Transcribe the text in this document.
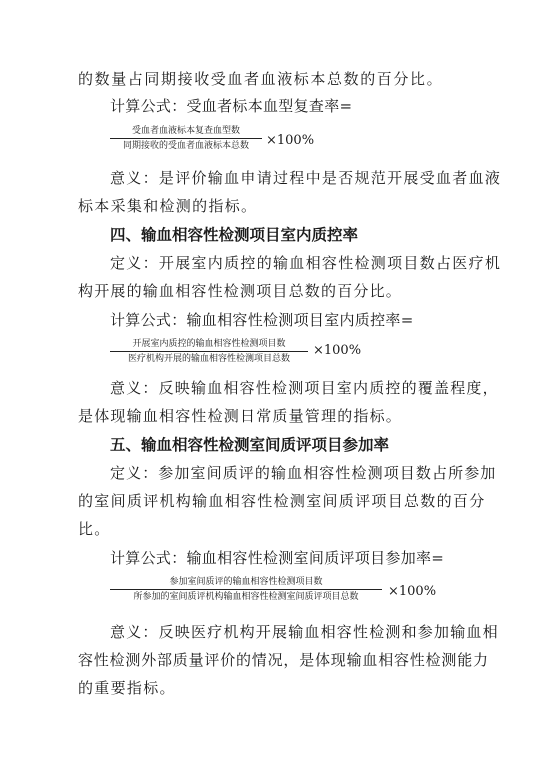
的数量占同期接收受血者血液标本总数的百分比。
计算公式：受血者标本血型复查率=
受血者血液标本复查血型数
同期接收的受血者血液标本总数	×100%
意义：是评价输血申请过程中是否规范开展受血者血液
标本采集和检测的指标。
四、输血相容性检测项目室内质控率
定义：开展室内质控的输血相容性检测项目数占医疗机
构开展的输血相容性检测项目总数的百分比。
计算公式：输血相容性检测项目室内质控率=
开展室内质控的输血相容性检测项目数
医疗机构开展的输血相容性检测项目总数
×100%
意义：反映输血相容性检测项目室内质控的覆盖程度，
是体现输血相容性检测日常质量管理的指标。
五、输血相容性检测室间质评项目参加率
定义：参加室间质评的输血相容性检测项目数占所参加
的室间质评机构输血相容性检测室间质评项目总数的百分
比。
计算公式：输血相容性检测室间质评项目参加率=
参加室间质评的输血相容性检测项目数
所参加的室间质评机构输血相容性检测室间质评项目总数	×100%
意义：反映医疗机构开展输血相容性检测和参加输血相
容性检测外部质量评价的情况，是体现输血相容性检测能力
的重要指标。
